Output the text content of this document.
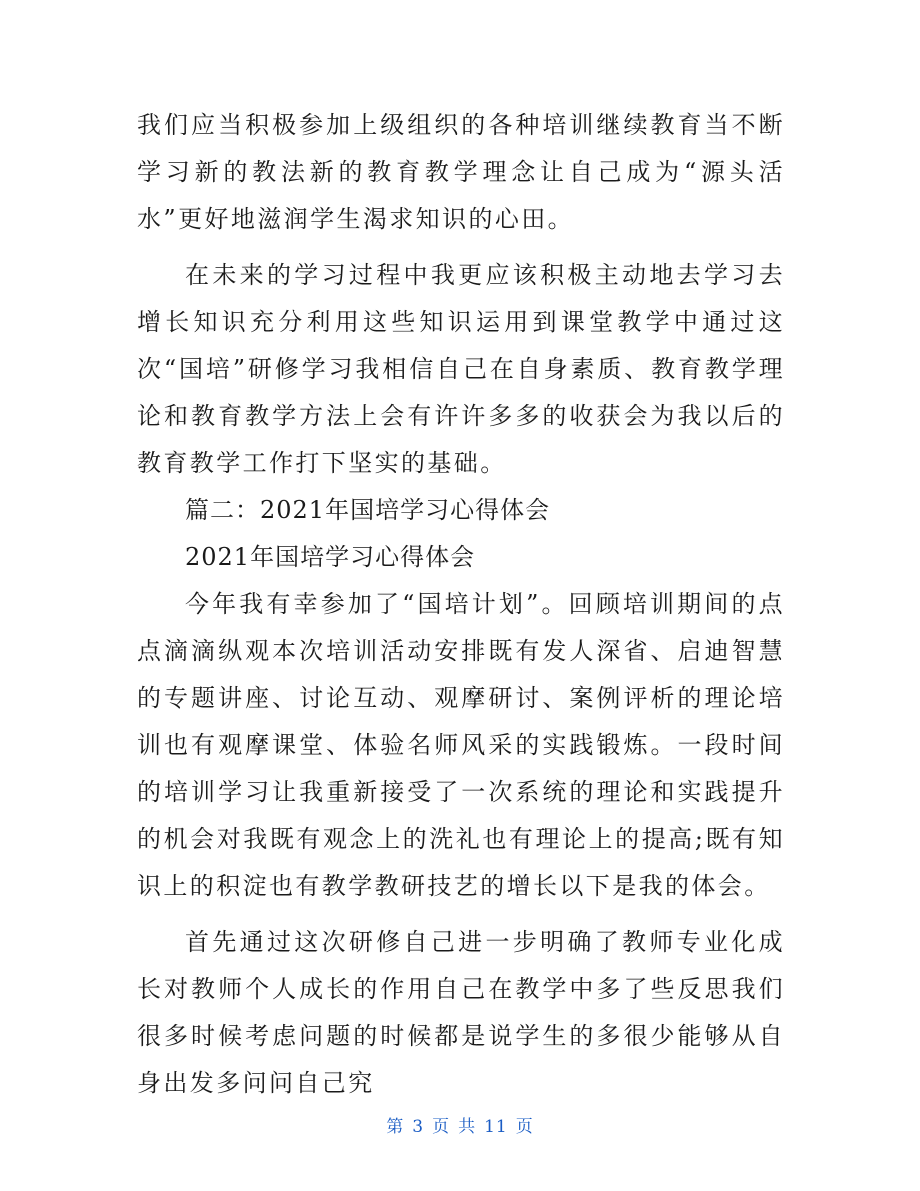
我们应当积极参加上级组织的各种培训继续教育当不断学习新的教法新的教育教学理念让自己成为“源头活水”更好地滋润学生渴求知识的心田。

在未来的学习过程中我更应该积极主动地去学习去增长知识充分利用这些知识运用到课堂教学中通过这次“国培”研修学习我相信自己在自身素质、教育教学理论和教育教学方法上会有许许多多的收获会为我以后的教育教学工作打下坚实的基础。

篇二：2021年国培学习心得体会

2021年国培学习心得体会

今年我有幸参加了“国培计划”。回顾培训期间的点点滴滴纵观本次培训活动安排既有发人深省、启迪智慧的专题讲座、讨论互动、观摩研讨、案例评析的理论培训也有观摩课堂、体验名师风采的实践锻炼。一段时间的培训学习让我重新接受了一次系统的理论和实践提升的机会对我既有观念上的洗礼也有理论上的提高;既有知识上的积淀也有教学教研技艺的增长以下是我的体会。

首先通过这次研修自己进一步明确了教师专业化成长对教师个人成长的作用自己在教学中多了些反思我们很多时候考虑问题的时候都是说学生的多很少能够从自身出发多问问自己究

第 3 页 共 11 页
